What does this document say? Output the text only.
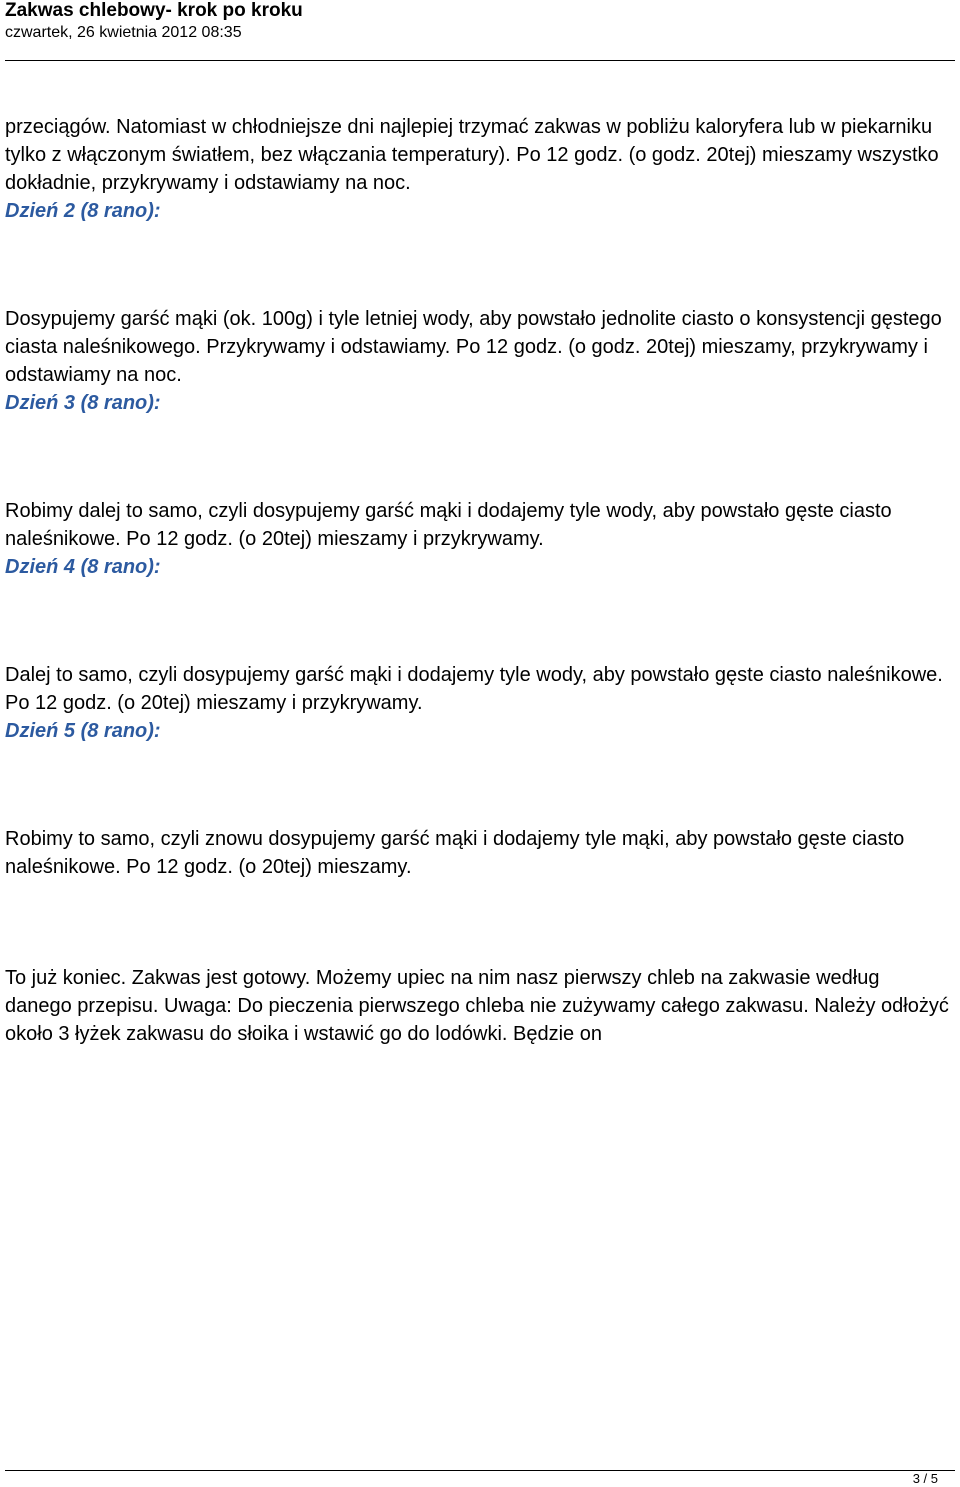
Zakwas chlebowy- krok po kroku
czwartek, 26 kwietnia 2012 08:35

przeciągów. Natomiast w chłodniejsze dni najlepiej trzymać zakwas w pobliżu kaloryfera lub w piekarniku tylko z włączonym światłem, bez włączania temperatury). Po 12 godz. (o godz. 20tej) mieszamy wszystko dokładnie, przykrywamy i odstawiamy na noc.

Dzień 2 (8 rano):

Dosypujemy garść mąki (ok. 100g) i tyle letniej wody, aby powstało jednolite ciasto o konsystencji gęstego ciasta naleśnikowego. Przykrywamy i odstawiamy. Po 12 godz. (o godz. 20tej) mieszamy, przykrywamy i odstawiamy na noc.

Dzień 3 (8 rano):

Robimy dalej to samo, czyli dosypujemy garść mąki i dodajemy tyle wody, aby powstało gęste ciasto naleśnikowe. Po 12 godz. (o 20tej) mieszamy i przykrywamy.

Dzień 4 (8 rano):

Dalej to samo, czyli dosypujemy garść mąki i dodajemy tyle wody, aby powstało gęste ciasto naleśnikowe. Po 12 godz. (o 20tej) mieszamy i przykrywamy.

Dzień 5 (8 rano):

Robimy to samo, czyli znowu dosypujemy garść mąki i dodajemy tyle mąki, aby powstało gęste ciasto naleśnikowe. Po 12 godz. (o 20tej) mieszamy.

To już koniec. Zakwas jest gotowy. Możemy upiec na nim nasz pierwszy chleb na zakwasie według danego przepisu. Uwaga: Do pieczenia pierwszego chleba nie zużywamy całego zakwasu. Należy odłożyć około 3 łyżek zakwasu do słoika i wstawić go do lodówki. Będzie on

3 / 5
